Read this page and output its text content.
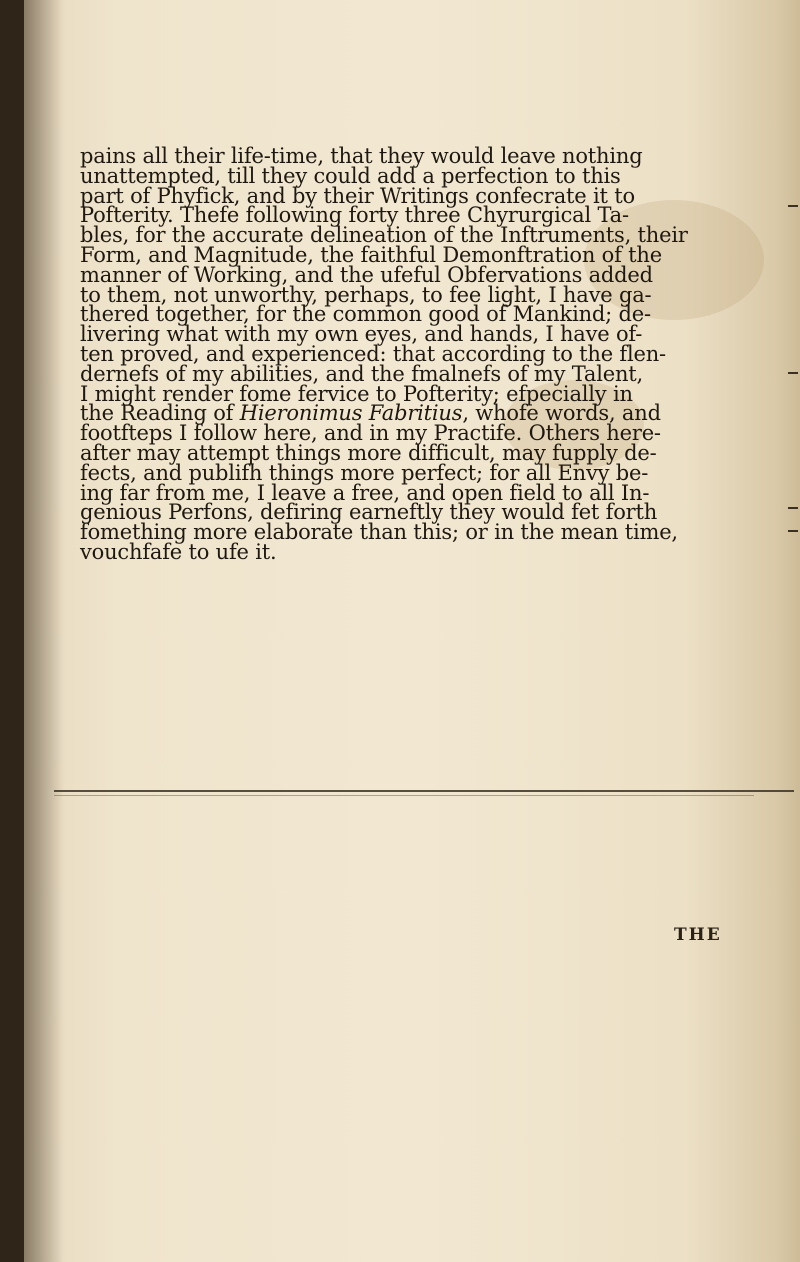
pains all their life-time, that they would leave nothing
unattempted, till they could add a perfection to this
part of Phyfick, and by their Writings confecrate it to
Pofterity. Thefe following forty three Chyrurgical Ta-
bles, for the accurate delineation of the Inftruments, their
Form, and Magnitude, the faithful Demonftration of the
manner of Working, and the ufeful Obfervations added
to them, not unworthy, perhaps, to fee light, I have ga-
thered together, for the common good of Mankind; de-
livering what with my own eyes, and hands, I have of-
ten proved, and experienced: that according to the flen-
dernefs of my abilities, and the fmalnefs of my Talent,
I might render fome fervice to Pofterity; efpecially in
the Reading of Hieronimus Fabritius, whofe words, and
footfteps I follow here, and in my Practife. Others here-
after may attempt things more difficult, may fupply de-
fects, and publifh things more perfect; for all Envy be-
ing far from me, I leave a free, and open field to all In-
genious Perfons, defiring earneftly they would fet forth
fomething more elaborate than this; or in the mean time,
vouchfafe to ufe it.
THE
